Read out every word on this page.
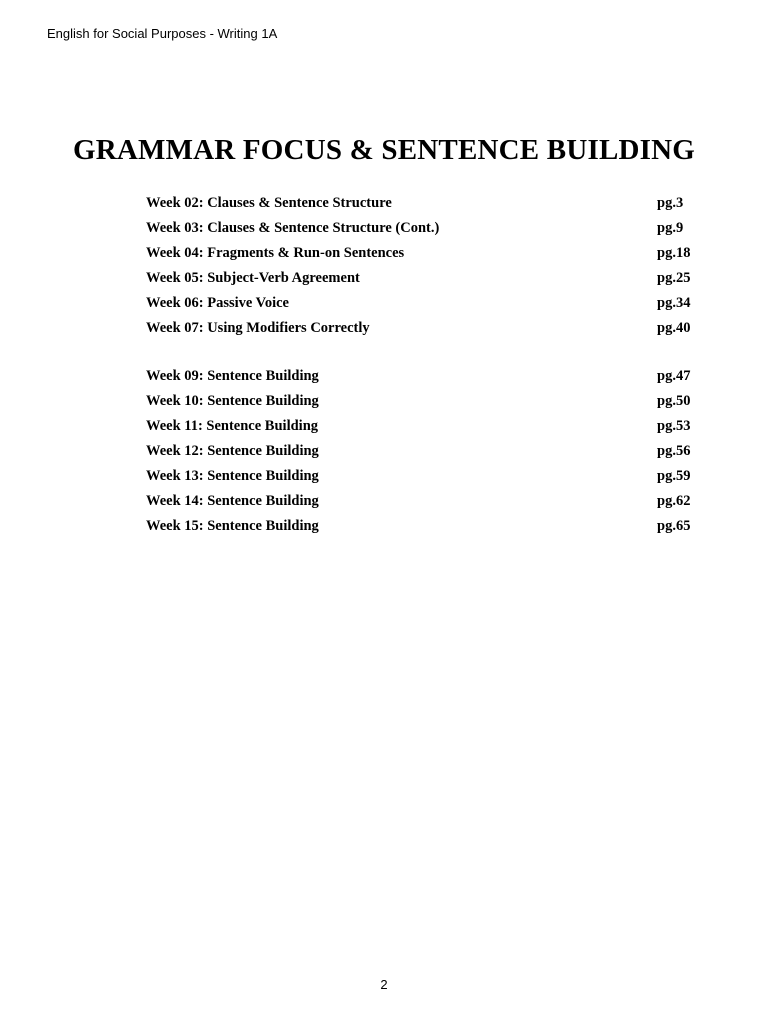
English for Social Purposes - Writing 1A
GRAMMAR FOCUS & SENTENCE BUILDING
Week 02: Clauses & Sentence Structure	pg.3
Week 03: Clauses & Sentence Structure (Cont.)	pg.9
Week 04: Fragments & Run-on Sentences	pg.18
Week 05: Subject-Verb Agreement	pg.25
Week 06: Passive Voice	pg.34
Week 07: Using Modifiers Correctly	pg.40
Week 09: Sentence Building	pg.47
Week 10: Sentence Building	pg.50
Week 11: Sentence Building	pg.53
Week 12: Sentence Building	pg.56
Week 13: Sentence Building	pg.59
Week 14: Sentence Building	pg.62
Week 15: Sentence Building	pg.65
2
